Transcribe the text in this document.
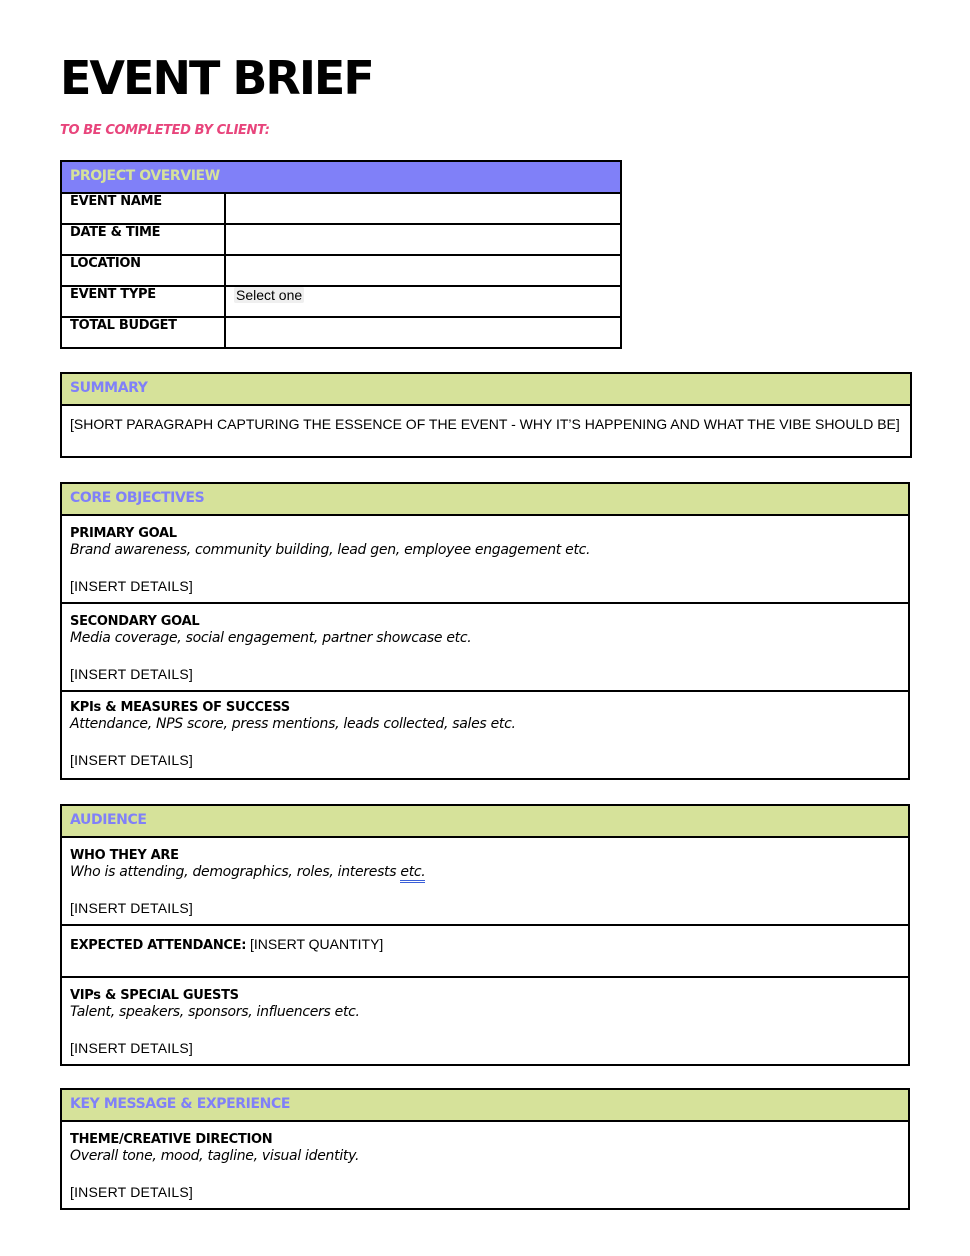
EVENT BRIEF
TO BE COMPLETED BY CLIENT:
PROJECT OVERVIEW	
EVENT NAME	
DATE & TIME	
LOCATION	
EVENT TYPE	Select one
TOTAL BUDGET	
SUMMARY
[SHORT PARAGRAPH CAPTURING THE ESSENCE OF THE EVENT - WHY IT’S HAPPENING AND WHAT THE VIBE SHOULD BE]
CORE OBJECTIVES

PRIMARY GOAL
Brand awareness, community building, lead gen, employee engagement etc.
[INSERT DETAILS]

SECONDARY GOAL
Media coverage, social engagement, partner showcase etc.
[INSERT DETAILS]

KPIs & MEASURES OF SUCCESS
Attendance, NPS score, press mentions, leads collected, sales etc.
[INSERT DETAILS]
AUDIENCE

WHO THEY ARE
Who is attending, demographics, roles, interests etc.
[INSERT DETAILS]

EXPECTED ATTENDANCE: [INSERT QUANTITY]

VIPs & SPECIAL GUESTS
Talent, speakers, sponsors, influencers etc.
[INSERT DETAILS]
KEY MESSAGE & EXPERIENCE

THEME/CREATIVE DIRECTION
Overall tone, mood, tagline, visual identity.
[INSERT DETAILS]
